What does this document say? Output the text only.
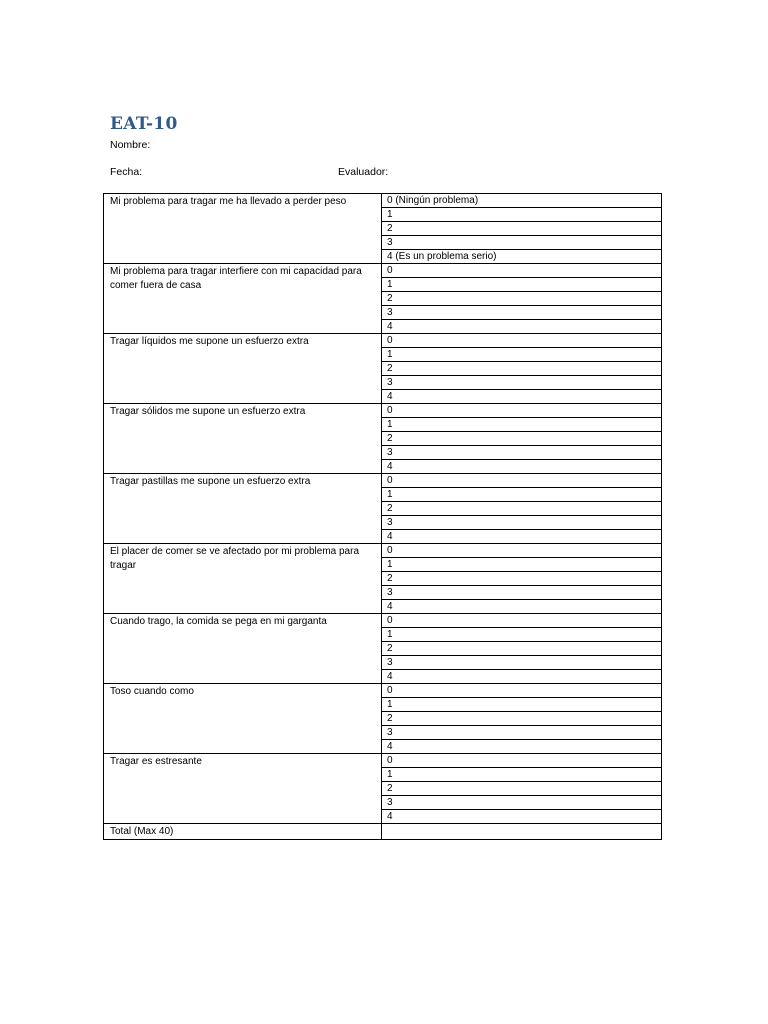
EAT-10
Nombre:
Fecha:	Evaluador:
Mi problema para tragar me ha llevado a perder peso	0 (Ningún problema)
	1
	2
	3
	4 (Es un problema serio)
Mi problema para tragar interfiere con mi capacidad para comer fuera de casa	0
	1
	2
	3
	4
Tragar líquidos me supone un esfuerzo extra	0
	1
	2
	3
	4
Tragar sólidos me supone un esfuerzo extra	0
	1
	2
	3
	4
Tragar pastillas me supone un esfuerzo extra	0
	1
	2
	3
	4
El placer de comer se ve afectado por mi problema para tragar	0
	1
	2
	3
	4
Cuando trago, la comida se pega en mi garganta	0
	1
	2
	3
	4
Toso cuando como	0
	1
	2
	3
	4
Tragar es estresante	0
	1
	2
	3
	4
Total (Max 40)	
